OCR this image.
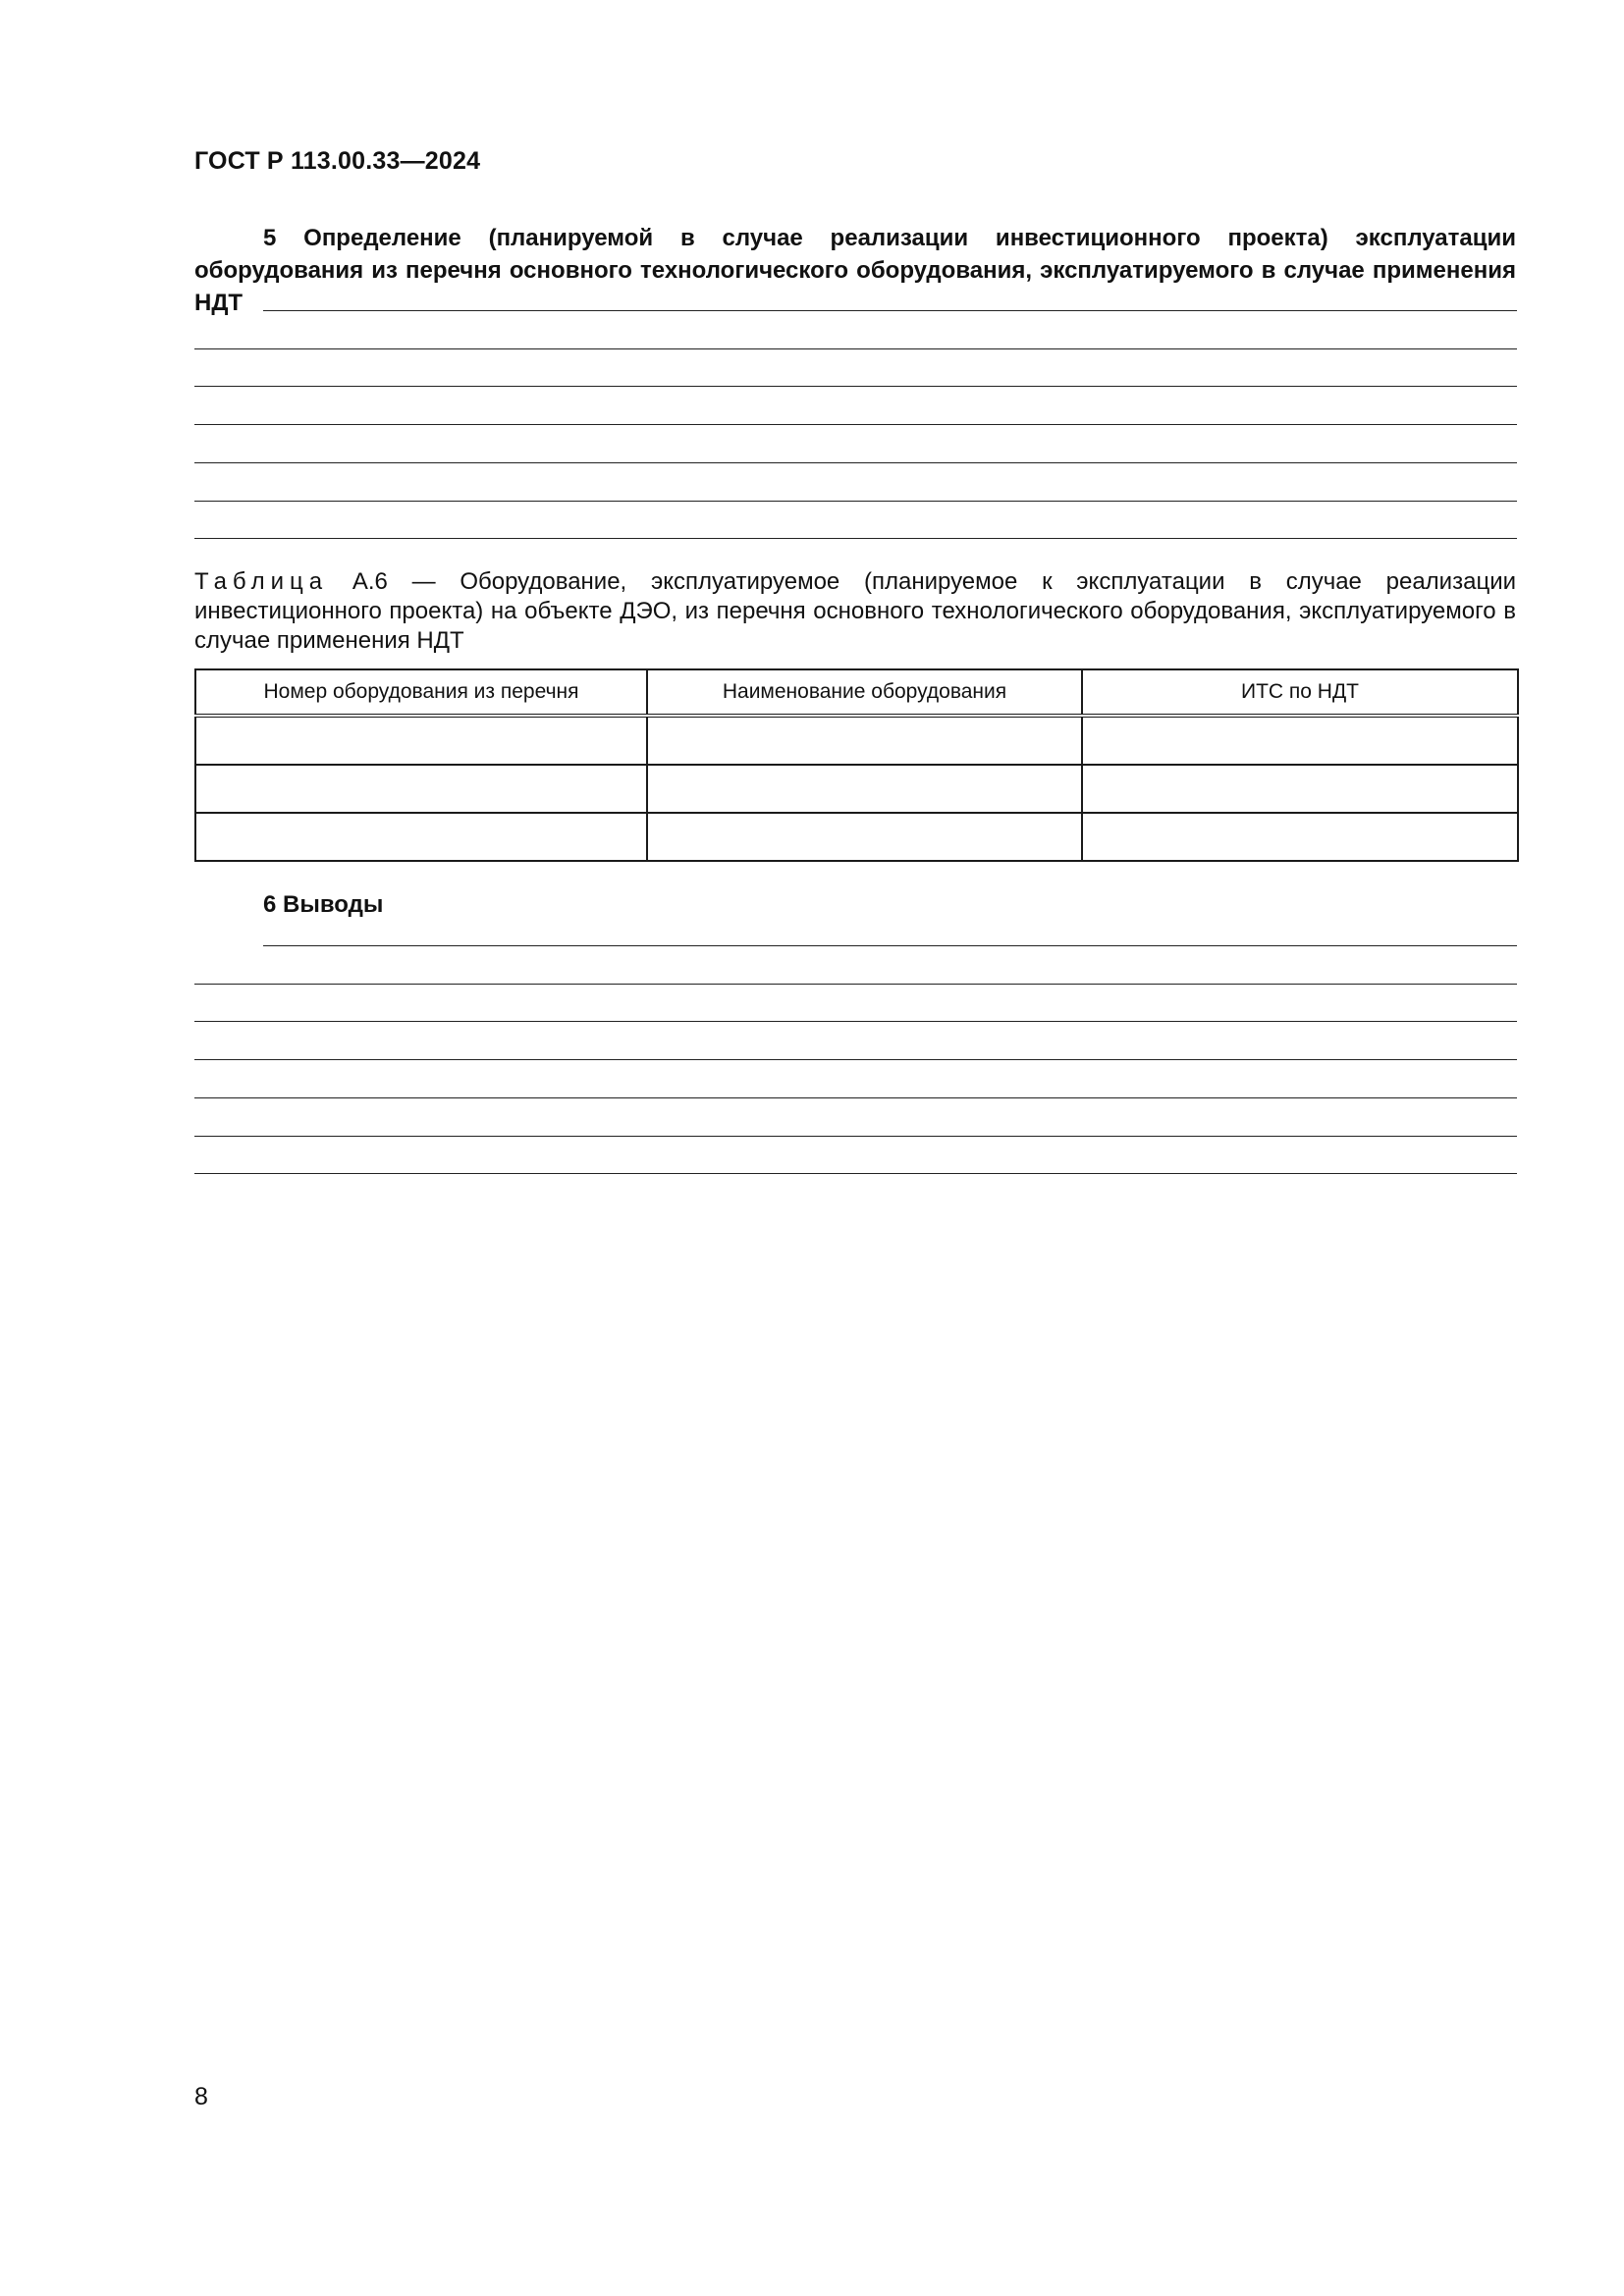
ГОСТ Р 113.00.33—2024
5 Определение (планируемой в случае реализации инвестиционного проекта) эксплуатации оборудования из перечня основного технологического оборудования, эксплуатируемого в случае применения НДТ
Таблица А.6 — Оборудование, эксплуатируемое (планируемое к эксплуатации в случае реализации инвестиционного проекта) на объекте ДЭО, из перечня основного технологического оборудования, эксплуатируемого в случае применения НДТ
Номер оборудования из перечня	Наименование оборудования	ИТС по НДТ

6 Выводы
8
